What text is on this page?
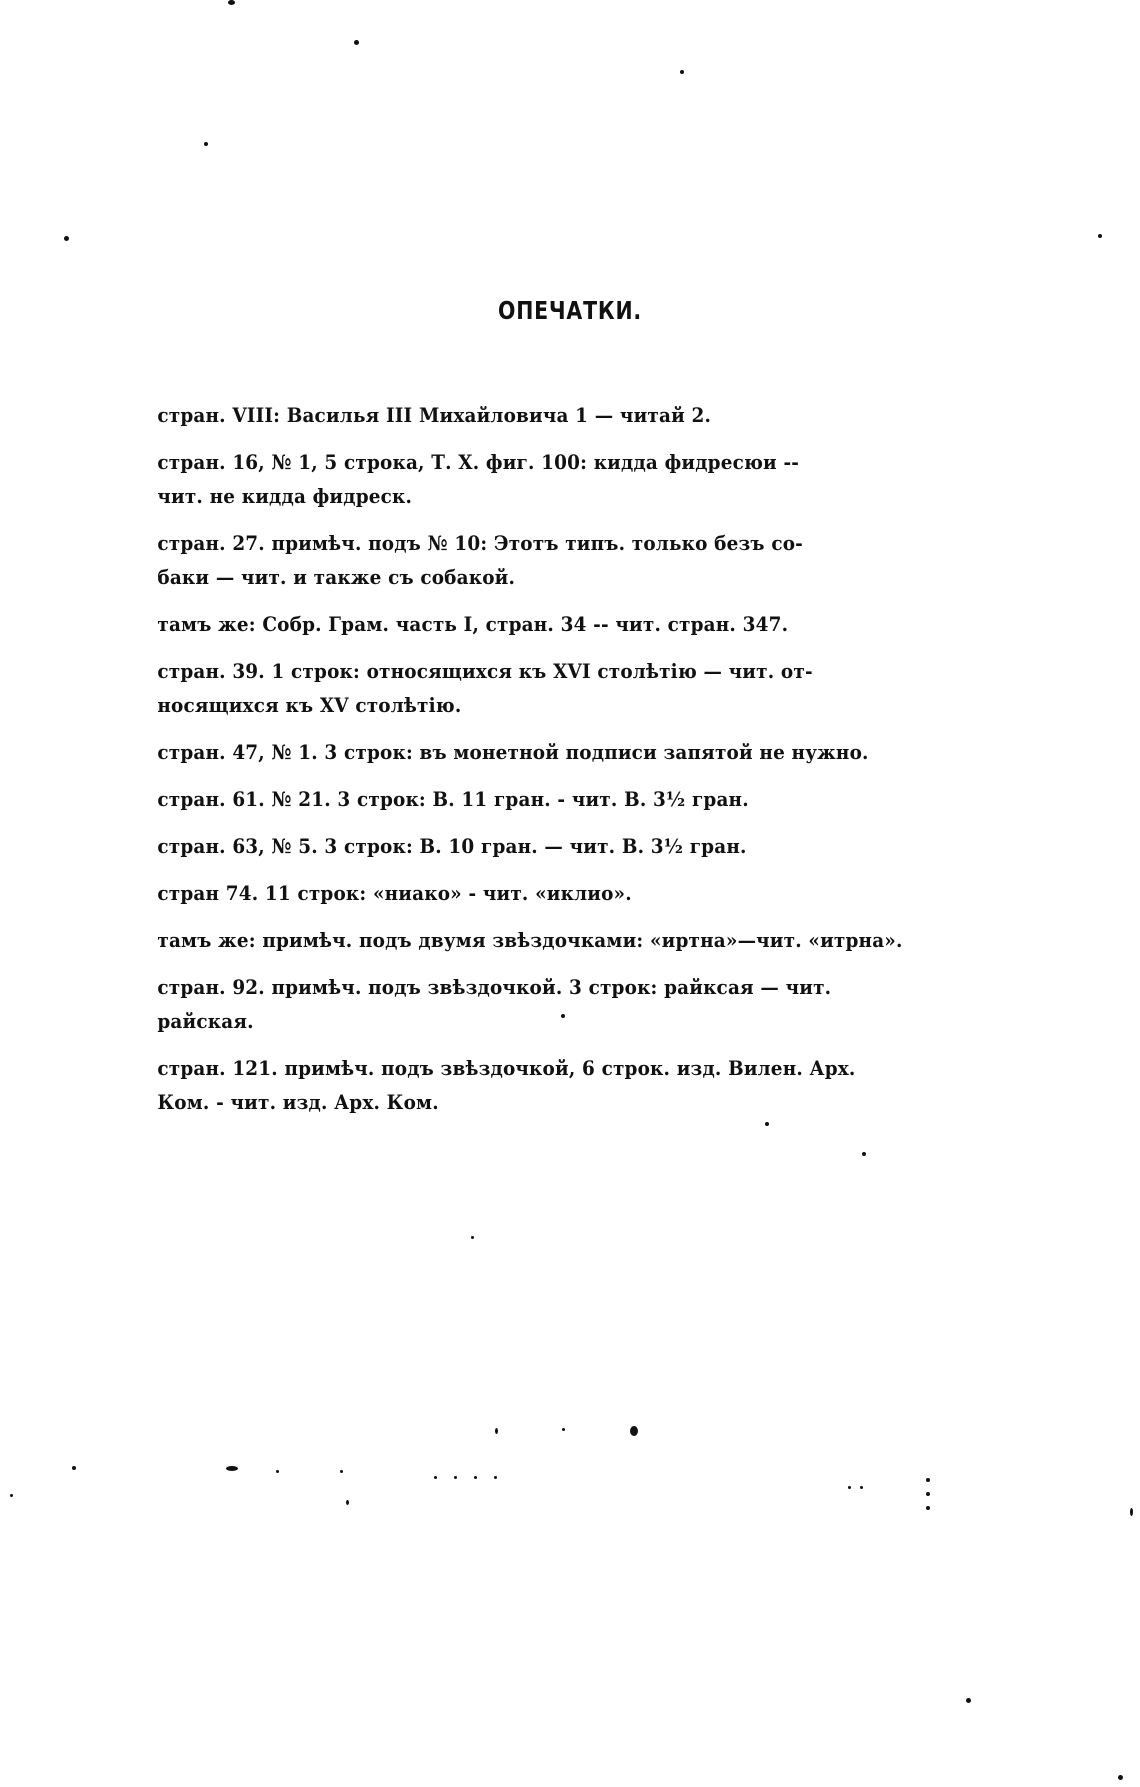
ОПЕЧАТКИ.
стран. VIII: Василья III Михайловича 1 — читай 2.
стран. 16, № 1, 5 строка, Т. X. фиг. 100: кидда фидресюи --
чит. не кидда фидреск.
стран. 27. примѣч. подъ № 10: Этотъ типъ. только безъ со-
баки — чит. и также съ собакой.
тамъ же: Собр. Грам. часть I, стран. 34 -- чит. стран. 347.
стран. 39. 1 строк: относящихся къ XVI столѣтію — чит. от-
носящихся къ XV столѣтію.
стран. 47, № 1. 3 строк: въ монетной подписи запятой не нужно.
стран. 61. № 21. 3 строк: В. 11 гран. - чит. В. 3½ гран.
стран. 63, № 5. 3 строк: В. 10 гран. — чит. В. 3½ гран.
стран 74. 11 строк: «ниако» - чит. «иклио».
тамъ же: примѣч. подъ двумя звѣздочками: «иртна»—чит. «итрна».
стран. 92. примѣч. подъ звѣздочкой. 3 строк: райксая — чит.
райская.
стран. 121. примѣч. подъ звѣздочкой, 6 строк. изд. Вилен. Арх.
Ком. - чит. изд. Арх. Ком.
